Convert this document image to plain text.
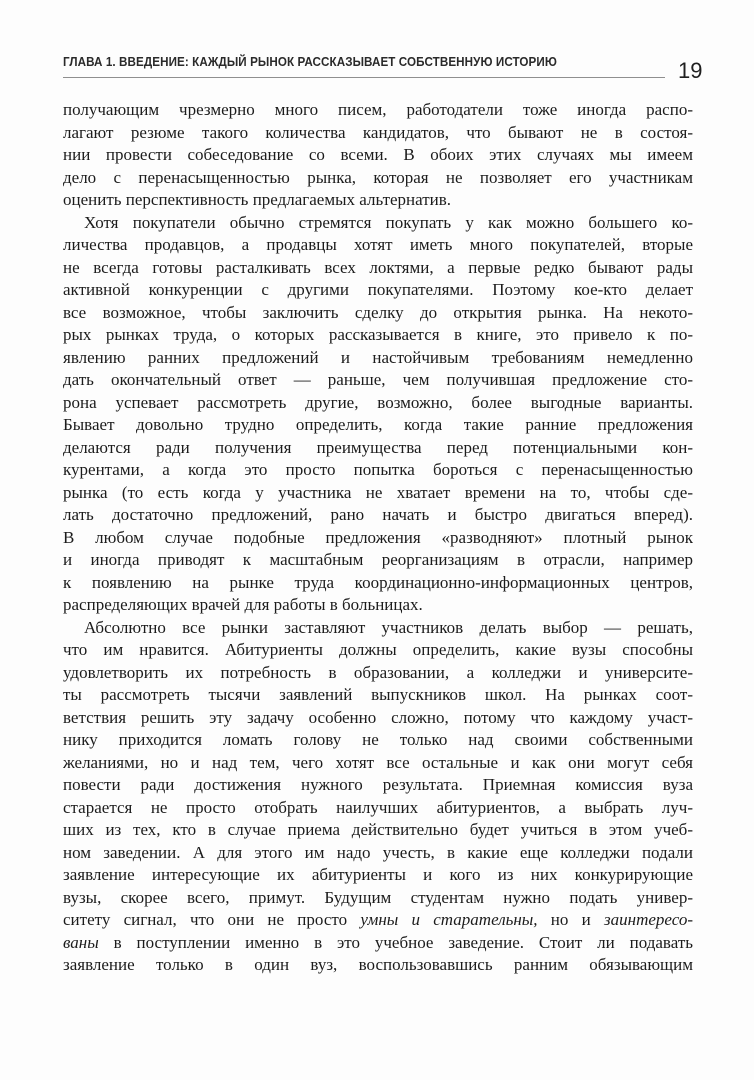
ГЛАВА 1. ВВЕДЕНИЕ: КАЖДЫЙ РЫНОК РАССКАЗЫВАЕТ СОБСТВЕННУЮ ИСТОРИЮ	19
получающим чрезмерно много писем, работодатели тоже иногда распо-
лагают резюме такого количества кандидатов, что бывают не в состоя-
нии провести собеседование со всеми. В обоих этих случаях мы имеем
дело с перенасыщенностью рынка, которая не позволяет его участникам
оценить перспективность предлагаемых альтернатив.
Хотя покупатели обычно стремятся покупать у как можно большего ко-
личества продавцов, а продавцы хотят иметь много покупателей, вторые
не всегда готовы расталкивать всех локтями, а первые редко бывают рады
активной конкуренции с другими покупателями. Поэтому кое-кто делает
все возможное, чтобы заключить сделку до открытия рынка. На некото-
рых рынках труда, о которых рассказывается в книге, это привело к по-
явлению ранних предложений и настойчивым требованиям немедленно
дать окончательный ответ — раньше, чем получившая предложение сто-
рона успевает рассмотреть другие, возможно, более выгодные варианты.
Бывает довольно трудно определить, когда такие ранние предложения
делаются ради получения преимущества перед потенциальными кон-
курентами, а когда это просто попытка бороться с перенасыщенностью
рынка (то есть когда у участника не хватает времени на то, чтобы сде-
лать достаточно предложений, рано начать и быстро двигаться вперед).
В любом случае подобные предложения «разводняют» плотный рынок
и иногда приводят к масштабным реорганизациям в отрасли, например
к появлению на рынке труда координационно-информационных центров,
распределяющих врачей для работы в больницах.
Абсолютно все рынки заставляют участников делать выбор — решать,
что им нравится. Абитуриенты должны определить, какие вузы способны
удовлетворить их потребность в образовании, а колледжи и университе-
ты рассмотреть тысячи заявлений выпускников школ. На рынках соот-
ветствия решить эту задачу особенно сложно, потому что каждому участ-
нику приходится ломать голову не только над своими собственными
желаниями, но и над тем, чего хотят все остальные и как они могут себя
повести ради достижения нужного результата. Приемная комиссия вуза
старается не просто отобрать наилучших абитуриентов, а выбрать луч-
ших из тех, кто в случае приема действительно будет учиться в этом учеб-
ном заведении. А для этого им надо учесть, в какие еще колледжи подали
заявление интересующие их абитуриенты и кого из них конкурирующие
вузы, скорее всего, примут. Будущим студентам нужно подать универ-
ситету сигнал, что они не просто умны и старательны, но и заинтересо-
ваны в поступлении именно в это учебное заведение. Стоит ли подавать
заявление только в один вуз, воспользовавшись ранним обязывающим
